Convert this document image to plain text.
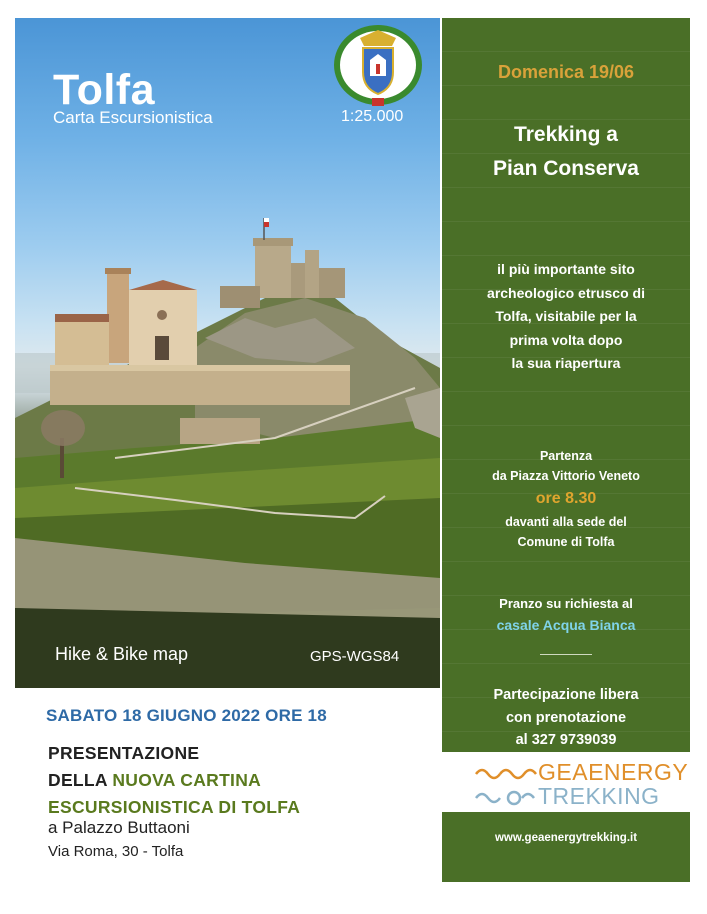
Tolfa
Carta Escursionistica	1:25.000
Hike & Bike map	GPS-WGS84
Domenica 19/06
Trekking a
Pian Conserva
il più importante sito
archeologico etrusco di
Tolfa, visitabile per la
prima volta dopo
la sua riapertura
Partenza
da Piazza Vittorio Veneto
ore 8.30
davanti alla sede del
Comune di Tolfa
Pranzo su richiesta al
casale Acqua Bianca
Partecipazione libera
con prenotazione
al 327 9739039
GEAENERGY
TREKKING
www.geaenergytrekking.it
SABATO 18 GIUGNO 2022 ORE 18
PRESENTAZIONE
DELLA NUOVA CARTINA
ESCURSIONISTICA DI TOLFA
a Palazzo Buttaoni
Via Roma, 30 - Tolfa
